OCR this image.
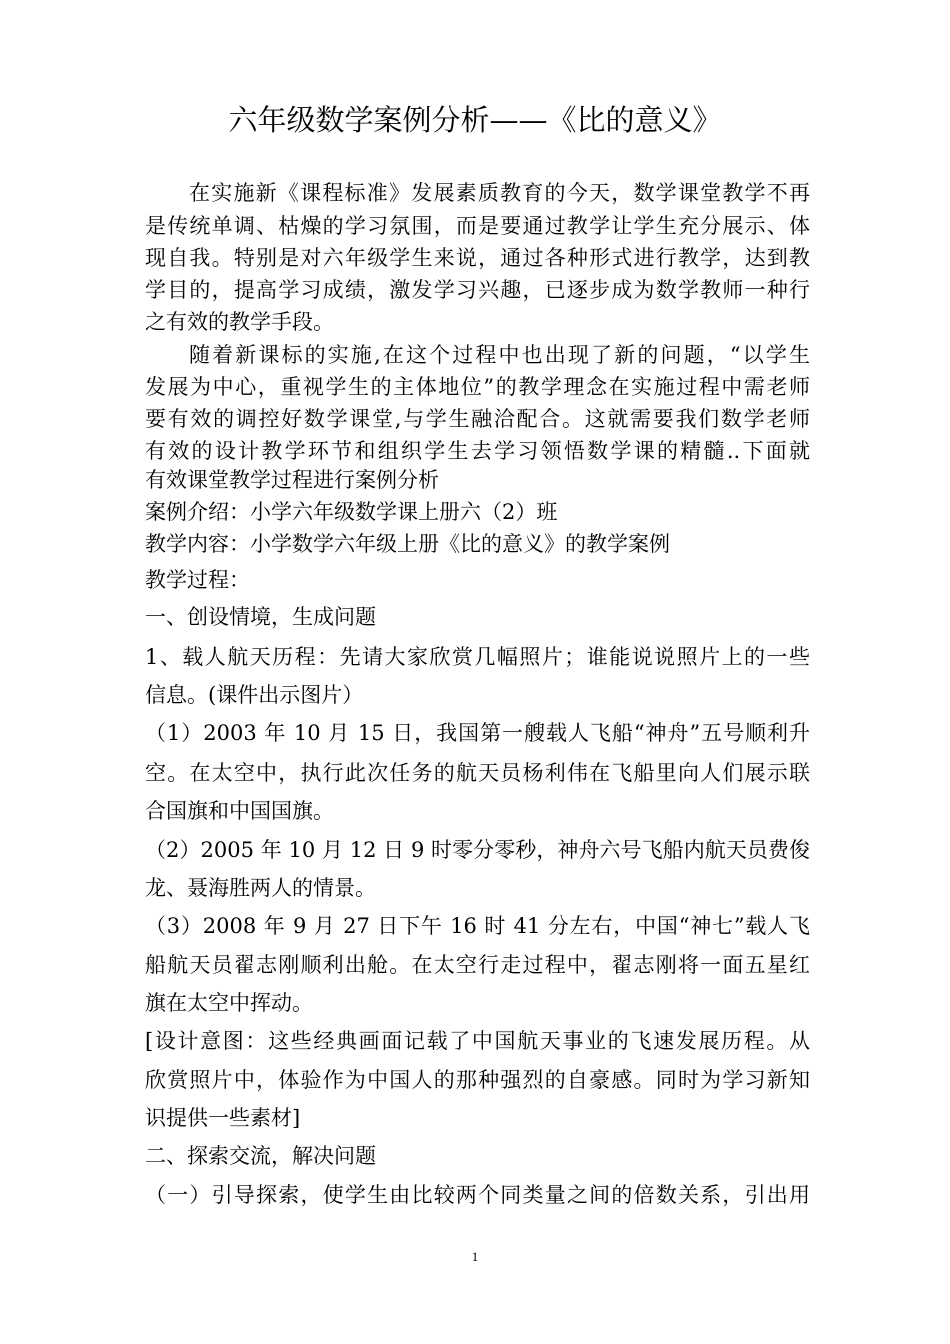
六年级数学案例分析——《比的意义》
在实施新《课程标准》发展素质教育的今天，数学课堂教学不再
是传统单调、枯燥的学习氛围，而是要通过教学让学生充分展示、体
现自我。特别是对六年级学生来说，通过各种形式进行教学，达到教
学目的，提高学习成绩，激发学习兴趣，已逐步成为数学教师一种行
之有效的教学手段。
随着新课标的实施,在这个过程中也出现了新的问题，“以学生
发展为中心，重视学生的主体地位”的教学理念在实施过程中需老师
要有效的调控好数学课堂,与学生融洽配合。这就需要我们数学老师
有效的设计教学环节和组织学生去学习领悟数学课的精髓..下面就
有效课堂教学过程进行案例分析
案例介绍：小学六年级数学课上册六（2）班
教学内容：小学数学六年级上册《比的意义》的教学案例
教学过程：
一、创设情境，生成问题
1、载人航天历程：先请大家欣赏几幅照片；谁能说说照片上的一些
信息。(课件出示图片）
（1）2003 年 10 月 15 日，我国第一艘载人飞船“神舟”五号顺利升
空。在太空中，执行此次任务的航天员杨利伟在飞船里向人们展示联
合国旗和中国国旗。
（2）2005 年 10 月 12 日 9 时零分零秒，神舟六号飞船内航天员费俊
龙、聂海胜两人的情景。
（3）2008 年 9 月 27 日下午 16 时 41 分左右，中国“神七”载人飞
船航天员翟志刚顺利出舱。在太空行走过程中，翟志刚将一面五星红
旗在太空中挥动。
[设计意图：这些经典画面记载了中国航天事业的飞速发展历程。从
欣赏照片中，体验作为中国人的那种强烈的自豪感。同时为学习新知
识提供一些素材]
二、探索交流，解决问题
（一）引导探索，使学生由比较两个同类量之间的倍数关系，引出用
1
